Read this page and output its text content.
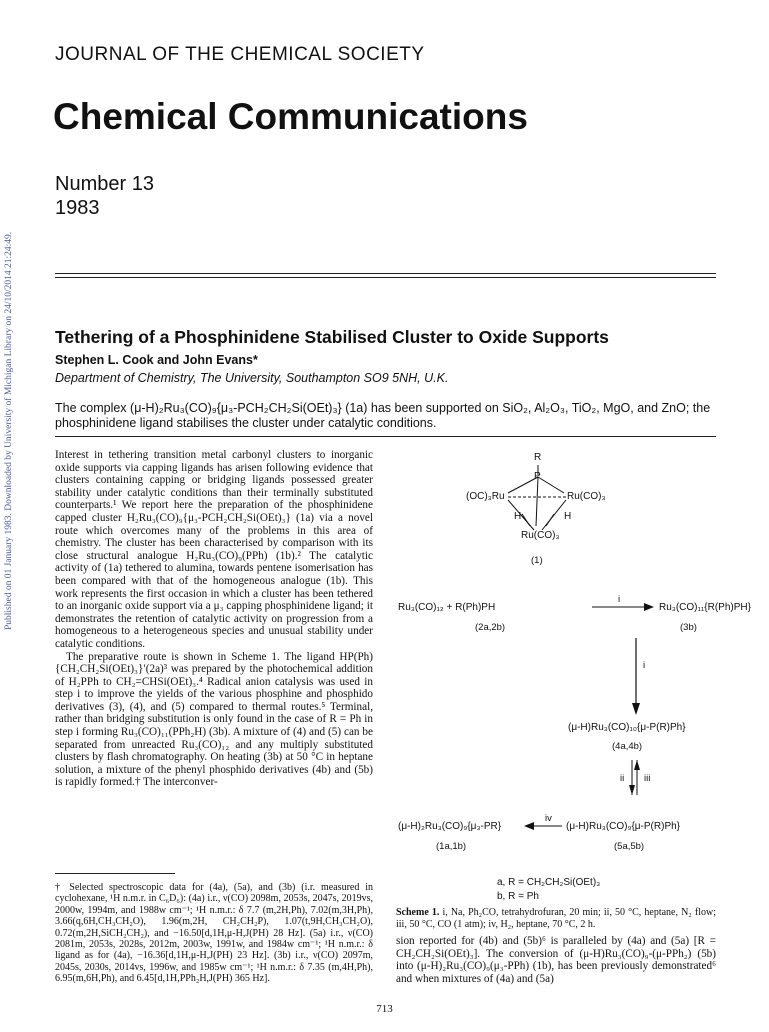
Published on 01 January 1983. Downloaded by University of Michigan Library on 24/10/2014 21:24:49.
JOURNAL OF THE CHEMICAL SOCIETY
Chemical Communications
Number 13
1983
Tethering of a Phosphinidene Stabilised Cluster to Oxide Supports
Stephen L. Cook and John Evans*
Department of Chemistry, The University, Southampton SO9 5NH, U.K.
The complex (μ-H)₂Ru₃(CO)₉{μ₃-PCH₂CH₂Si(OEt)₃} (1a) has been supported on SiO₂, Al₂O₃, TiO₂, MgO, and ZnO; the phosphinidene ligand stabilises the cluster under catalytic conditions.

Interest in tethering transition metal carbonyl clusters to inorganic oxide supports via capping ligands has arisen following evidence that clusters containing capping or bridging ligands possessed greater stability under catalytic conditions than their terminally substituted counterparts.¹ We report here the preparation of the phosphinidene capped cluster H₂Ru₃(CO)₉{μ₃-PCH₂CH₂Si(OEt)₃} (1a) via a novel route which overcomes many of the problems in this area of chemistry. The cluster has been characterised by comparison with its close structural analogue H₂Ru₃(CO)₉(PPh) (1b).² The catalytic activity of (1a) tethered to alumina, towards pentene isomerisation has been compared with that of the homogeneous analogue (1b). This work represents the first occasion in which a cluster has been tethered to an inorganic oxide support via a μ₃ capping phosphinidene ligand; it demonstrates the retention of catalytic activity on progression from a homogeneous to a heterogeneous species and unusual stability under catalytic conditions.

The preparative route is shown in Scheme 1. The ligand HP(Ph){CH₂CH₂Si(OEt)₃}′(2a)³ was prepared by the photochemical addition of H₂PPh to CH₂=CHSi(OEt)₃.⁴ Radical anion catalysis was used in step i to improve the yields of the various phosphine and phosphido derivatives (3), (4), and (5) compared to thermal routes.⁵ Terminal, rather than bridging substitution is only found in the case of R = Ph in step i forming Ru₃(CO)₁₁(PPh₂H) (3b). A mixture of (4) and (5) can be separated from unreacted Ru₃(CO)₁₂ and any multiply substituted clusters by flash chromatography. On heating (3b) at 50 °C in heptane solution, a mixture of the phenyl phosphido derivatives (4b) and (5b) is rapidly formed.† The interconver-

† Selected spectroscopic data for (4a), (5a), and (3b) (i.r. measured in cyclohexane, ¹H n.m.r. in C₆D₆): (4a) i.r., ν(CO) 2098m, 2053s, 2047s, 2019vs, 2000w, 1994m, and 1988w cm⁻¹; ¹H n.m.r.: δ 7.7 (m,2H,Ph), 7.02(m,3H,Ph), 3.66(q,6H,CH₃CH₂O), 1.96(m,2H, CH₂CH₂P), 1.07(t,9H,CH₃CH₂O), 0.72(m,2H,SiCH₂CH₂), and −16.50[d,1H,μ-H,J(PH) 28 Hz]. (5a) i.r., ν(CO) 2081m, 2053s, 2028s, 2012m, 2003w, 1991w, and 1984w cm⁻¹; ¹H n.m.r.: δ ligand as for (4a), −16.36[d,1H,μ-H,J(PH) 23 Hz]. (3b) i.r., ν(CO) 2097m, 2045s, 2030s, 2014vs, 1996w, and 1985w cm⁻¹; ¹H n.m.r.: δ 7.35 (m,4H,Ph), 6.95(m,6H,Ph), and 6.45[d,1H,PPh₂H,J(PH) 365 Hz].
R
P
(OC)₃Ru	Ru(CO)₃
H	H
Ru(CO)₃
(1)
Ru₃(CO)₁₂ + R(Ph)PH
i
Ru₃(CO)₁₁{R(Ph)PH}
(2a,2b)	(3b)
i
(μ-H)Ru₃(CO)₁₀{μ-P(R)Ph}
(4a,4b)
ii iii
(μ-H)₂Ru₃(CO)₉{μ₃-PR}
iv
(μ-H)Ru₃(CO)₉{μ-P(R)Ph}
(1a,1b)	(5a,5b)
a, R = CH₂CH₂Si(OEt)₃
b, R = Ph
Scheme 1. i, Na, Ph₂CO, tetrahydrofuran, 20 min; ii, 50 °C, heptane, N₂ flow; iii, 50 °C, CO (1 atm); iv, H₂, heptane, 70 °C, 2 h.
sion reported for (4b) and (5b)⁶ is paralleled by (4a) and (5a) [R = CH₂CH₂Si(OEt)₃]. The conversion of (μ-H)Ru₃(CO)₉-(μ-PPh₂) (5b) into (μ-H)₂Ru₃(CO)₉(μ₃-PPh) (1b), has been previously demonstrated⁶ and when mixtures of (4a) and (5a)
713
